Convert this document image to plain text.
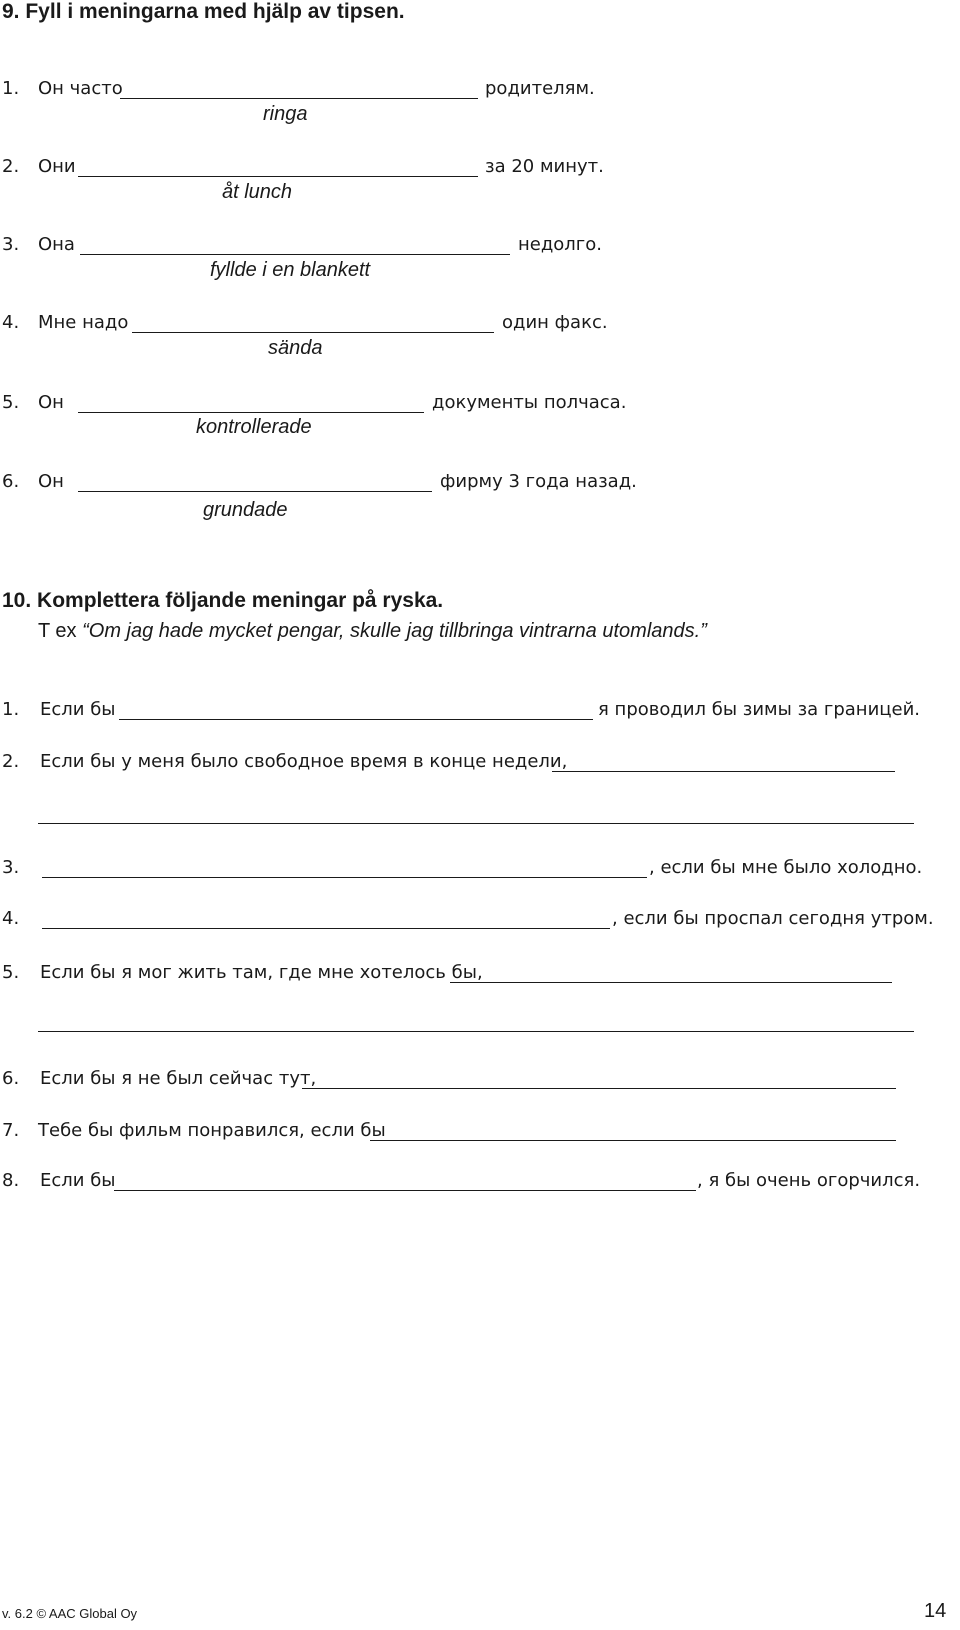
9. Fyll i meningarna med hjälp av tipsen.
1. Он часто	родителям.
ringa
2. Они	за 20 минут.
åt lunch
3. Она	недолго.
fyllde i en blankett
4. Мне надо	один факс.
sända
5. Он	документы полчаса.
kontrollerade
6. Он	фирму 3 года назад.
grundade
10. Komplettera följande meningar på ryska.
T ex “Om jag hade mycket pengar, skulle jag tillbringa vintrarna utomlands.”
1. Если бы	я проводил бы зимы за границей.
2. Если бы у меня было свободное время в конце недели,
3.	, если бы мне было холодно.
4.	, если бы проспал сегодня утром.
5. Если бы я мог жить там, где мне хотелось бы,
6. Если бы я не был сейчас тут,
7. Тебе бы фильм понравился, если бы
8. Если бы	, я бы очень огорчился.
v. 6.2 © AAC Global Oy	14
